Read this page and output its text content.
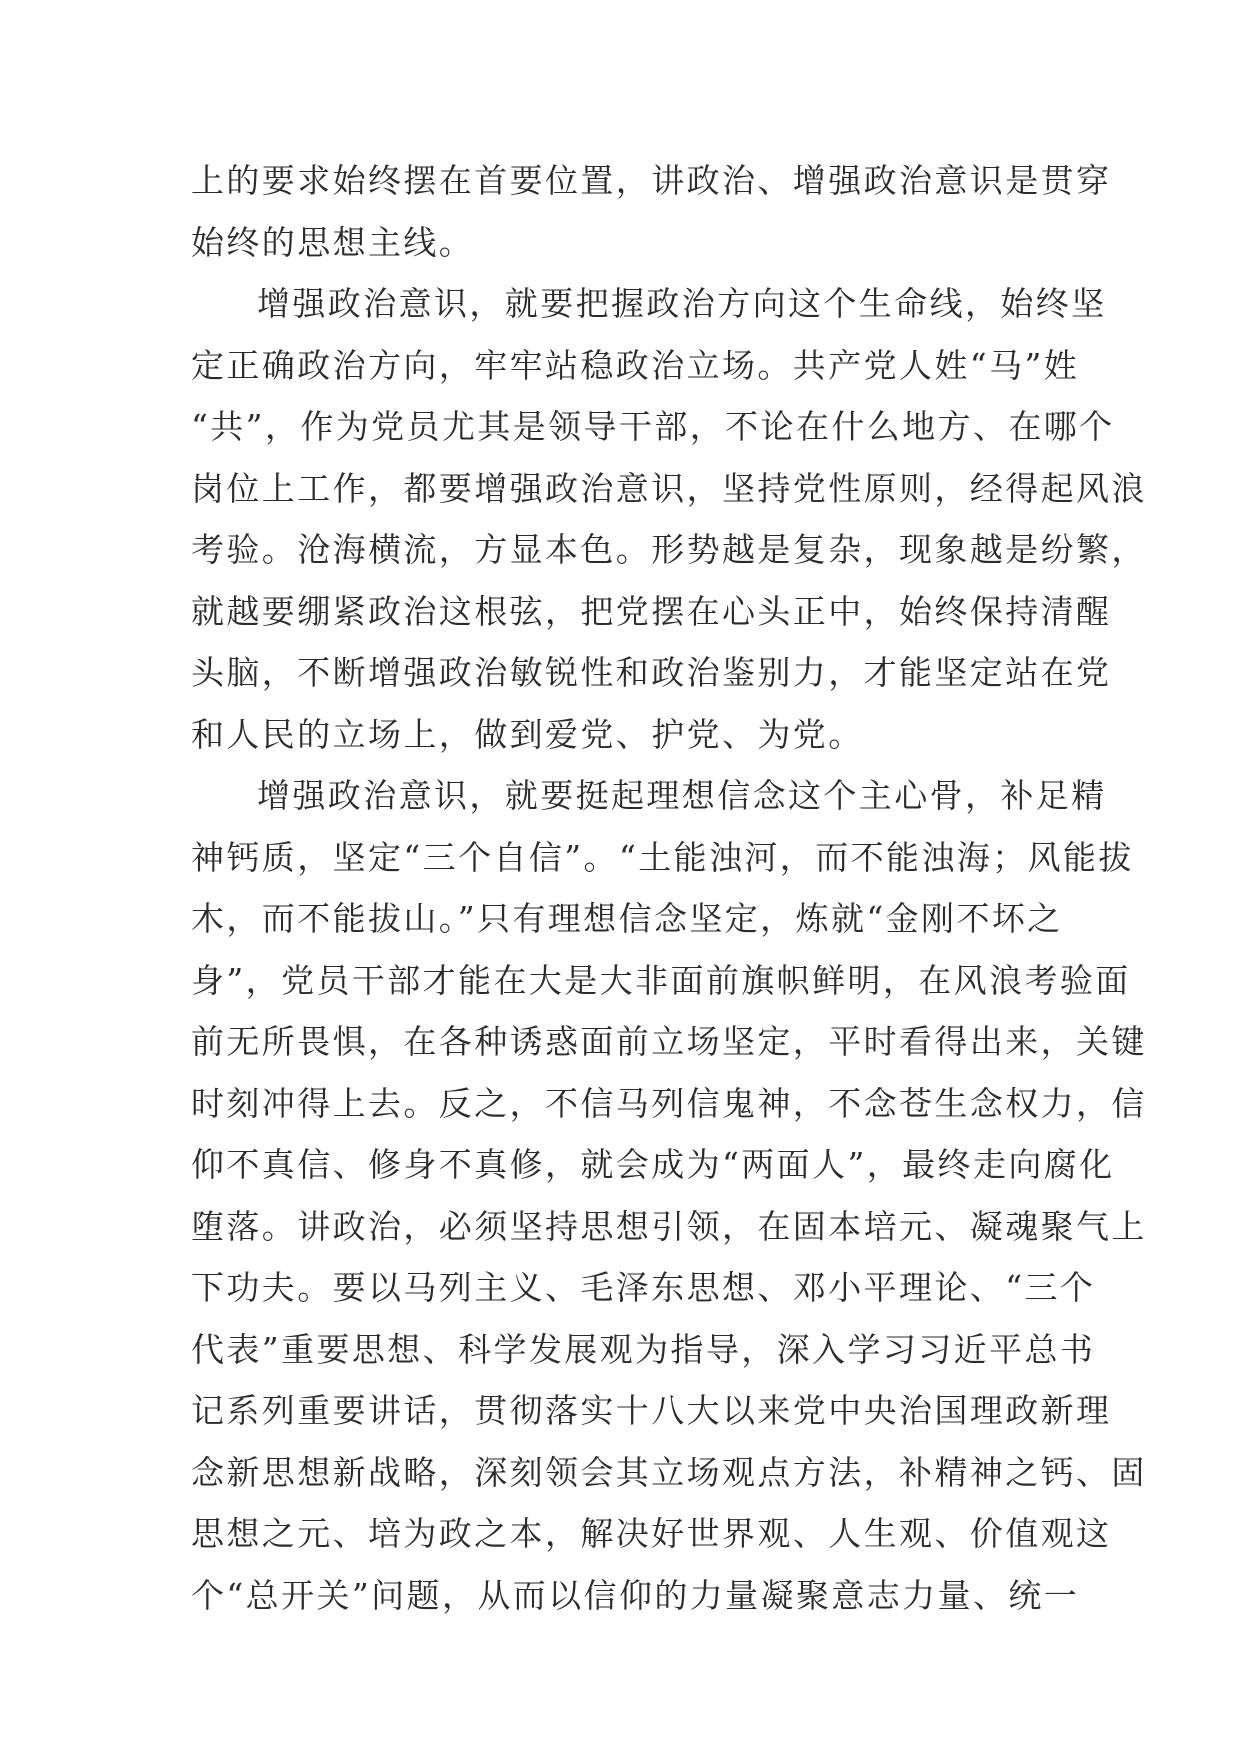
上的要求始终摆在首要位置，讲政治、增强政治意识是贯穿
始终的思想主线。

增强政治意识，就要把握政治方向这个生命线，始终坚
定正确政治方向，牢牢站稳政治立场。共产党人姓“马”姓
“共”，作为党员尤其是领导干部，不论在什么地方、在哪个
岗位上工作，都要增强政治意识，坚持党性原则，经得起风浪
考验。沧海横流，方显本色。形势越是复杂，现象越是纷繁，
就越要绷紧政治这根弦，把党摆在心头正中，始终保持清醒
头脑，不断增强政治敏锐性和政治鉴别力，才能坚定站在党
和人民的立场上，做到爱党、护党、为党。

增强政治意识，就要挺起理想信念这个主心骨，补足精
神钙质，坚定“三个自信”。“土能浊河，而不能浊海；风能拔
木，而不能拔山。”只有理想信念坚定，炼就“金刚不坏之
身”，党员干部才能在大是大非面前旗帜鲜明，在风浪考验面
前无所畏惧，在各种诱惑面前立场坚定，平时看得出来，关键
时刻冲得上去。反之，不信马列信鬼神，不念苍生念权力，信
仰不真信、修身不真修，就会成为“两面人”，最终走向腐化
堕落。讲政治，必须坚持思想引领，在固本培元、凝魂聚气上
下功夫。要以马列主义、毛泽东思想、邓小平理论、“三个
代表”重要思想、科学发展观为指导，深入学习习近平总书
记系列重要讲话，贯彻落实十八大以来党中央治国理政新理
念新思想新战略，深刻领会其立场观点方法，补精神之钙、固
思想之元、培为政之本，解决好世界观、人生观、价值观这
个“总开关”问题，从而以信仰的力量凝聚意志力量、统一
